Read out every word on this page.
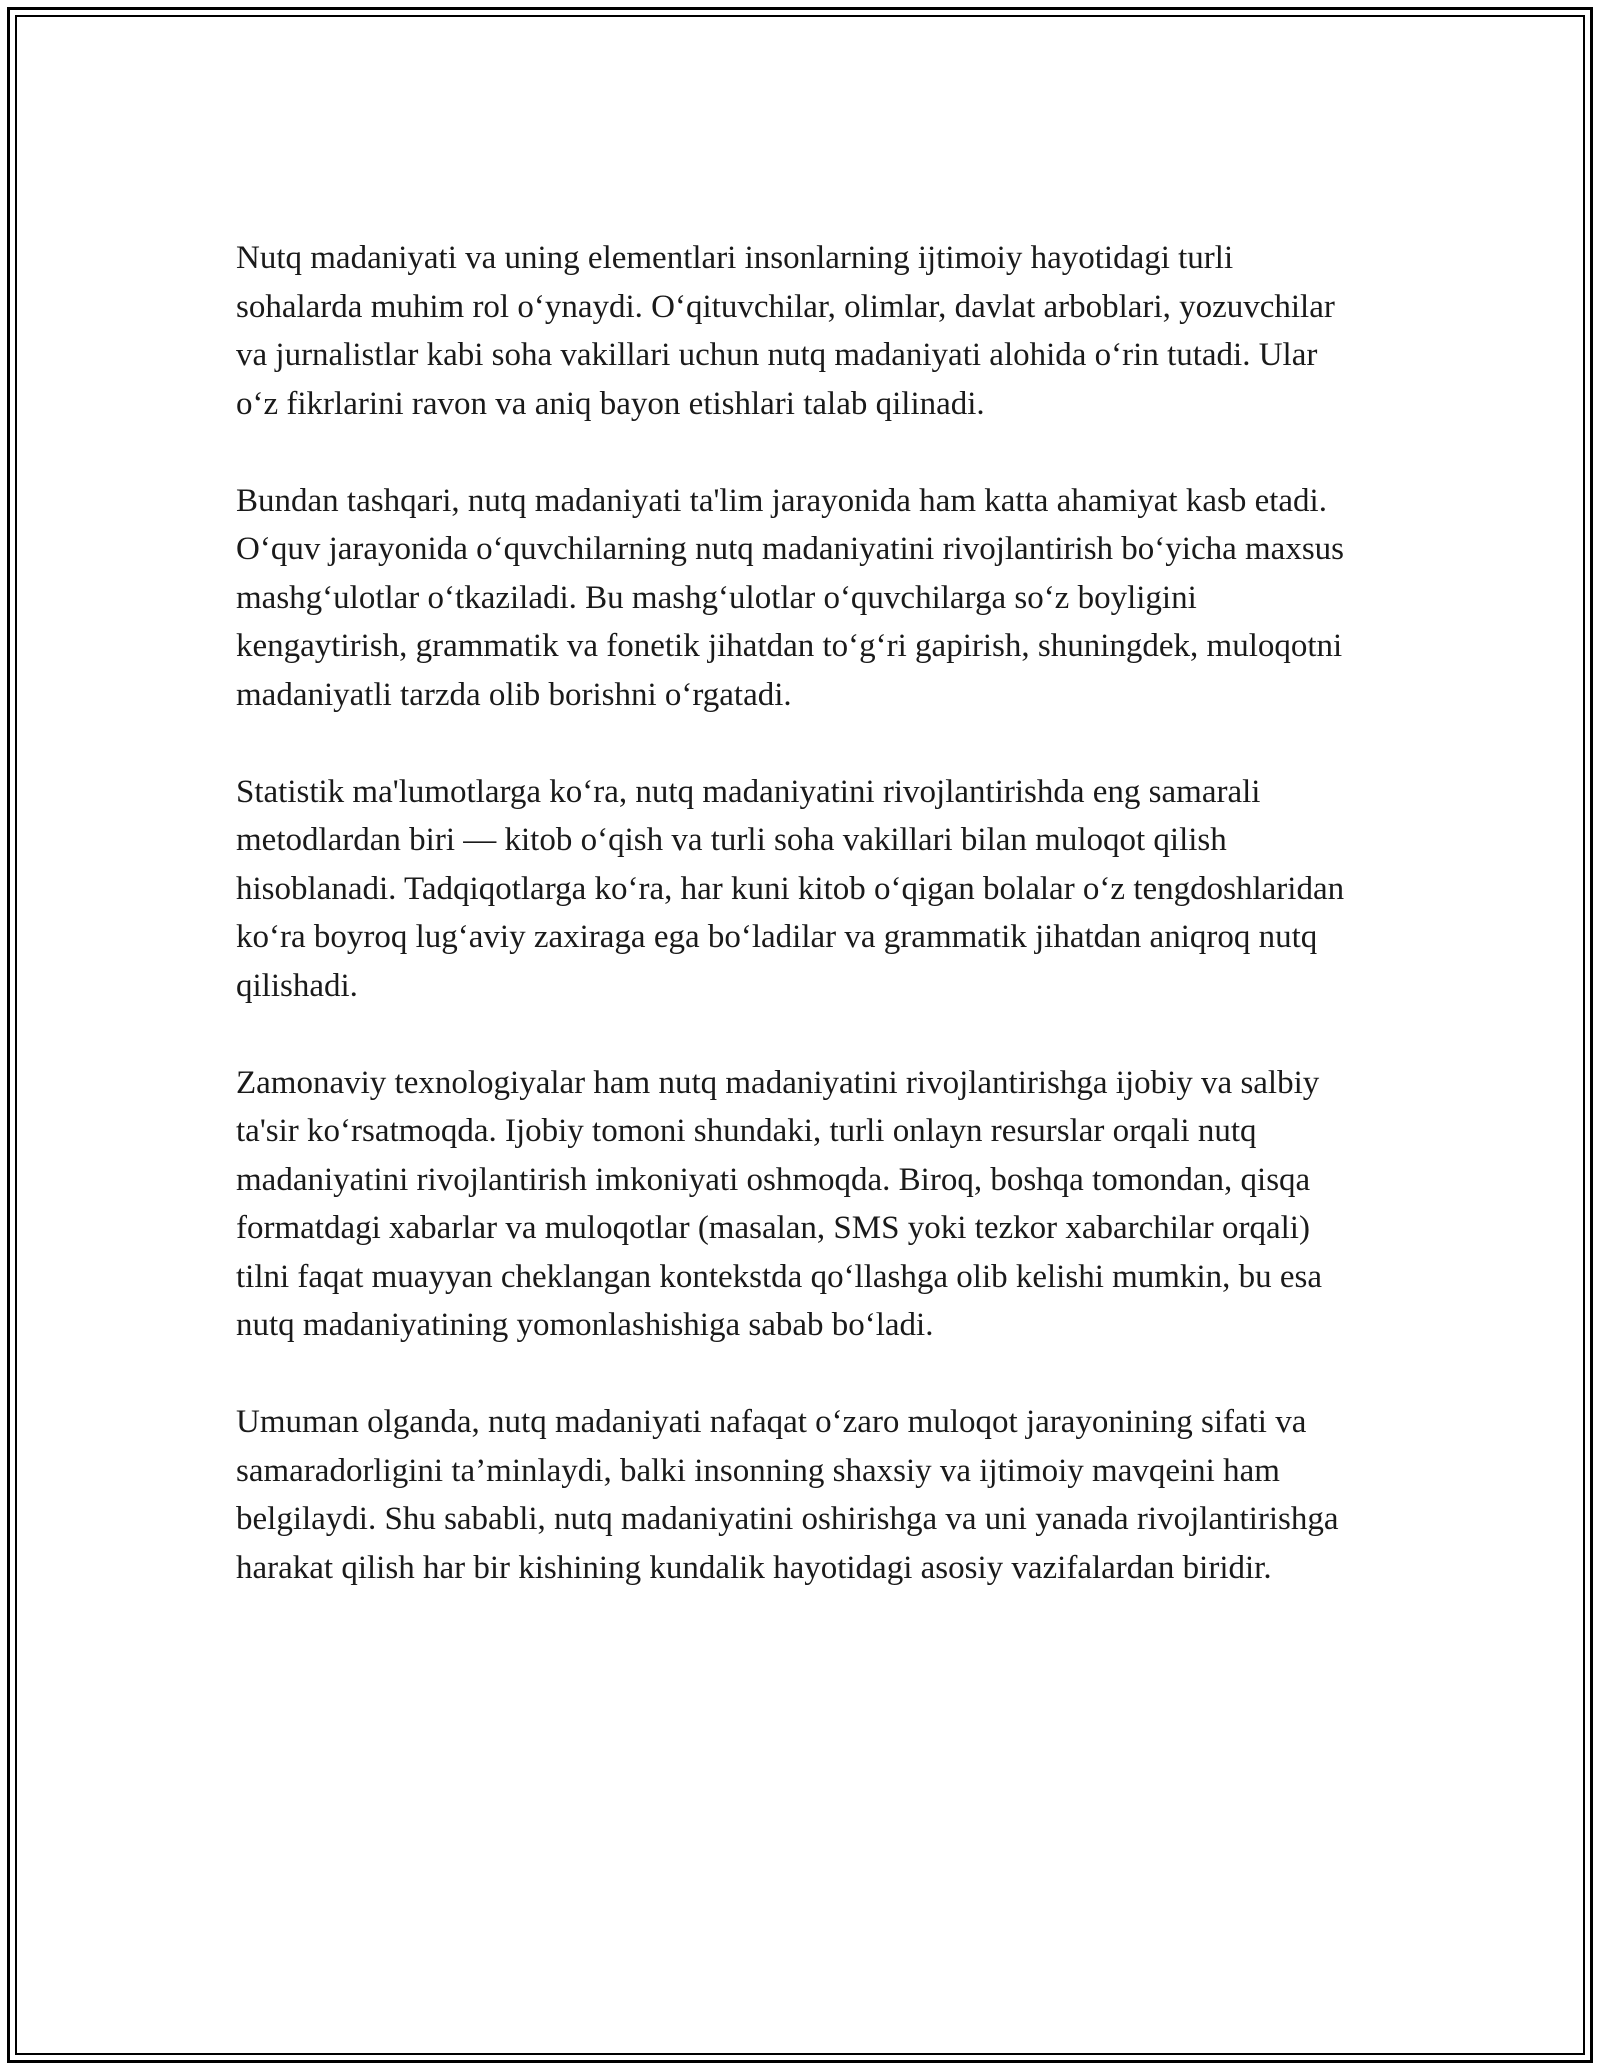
Nutq madaniyati va uning elementlari insonlarning ijtimoiy hayotidagi turli sohalarda muhim rol o‘ynaydi. O‘qituvchilar, olimlar, davlat arboblari, yozuvchilar va jurnalistlar kabi soha vakillari uchun nutq madaniyati alohida o‘rin tutadi. Ular o‘z fikrlarini ravon va aniq bayon etishlari talab qilinadi.

Bundan tashqari, nutq madaniyati ta'lim jarayonida ham katta ahamiyat kasb etadi. O‘quv jarayonida o‘quvchilarning nutq madaniyatini rivojlantirish bo‘yicha maxsus mashg‘ulotlar o‘tkaziladi. Bu mashg‘ulotlar o‘quvchilarga so‘z boyligini kengaytirish, grammatik va fonetik jihatdan to‘g‘ri gapirish, shuningdek, muloqotni madaniyatli tarzda olib borishni o‘rgatadi.

Statistik ma'lumotlarga ko‘ra, nutq madaniyatini rivojlantirishda eng samarali metodlardan biri — kitob o‘qish va turli soha vakillari bilan muloqot qilish hisoblanadi. Tadqiqotlarga ko‘ra, har kuni kitob o‘qigan bolalar o‘z tengdoshlaridan ko‘ra boyroq lug‘aviy zaxiraga ega bo‘ladilar va grammatik jihatdan aniqroq nutq qilishadi.

Zamonaviy texnologiyalar ham nutq madaniyatini rivojlantirishga ijobiy va salbiy ta'sir ko‘rsatmoqda. Ijobiy tomoni shundaki, turli onlayn resurslar orqali nutq madaniyatini rivojlantirish imkoniyati oshmoqda. Biroq, boshqa tomondan, qisqa formatdagi xabarlar va muloqotlar (masalan, SMS yoki tezkor xabarchilar orqali) tilni faqat muayyan cheklangan kontekstda qo‘llashga olib kelishi mumkin, bu esa nutq madaniyatining yomonlashishiga sabab bo‘ladi.

Umuman olganda, nutq madaniyati nafaqat o‘zaro muloqot jarayonining sifati va samaradorligini ta’minlaydi, balki insonning shaxsiy va ijtimoiy mavqeini ham belgilaydi. Shu sababli, nutq madaniyatini oshirishga va uni yanada rivojlantirishga harakat qilish har bir kishining kundalik hayotidagi asosiy vazifalardan biridir.
